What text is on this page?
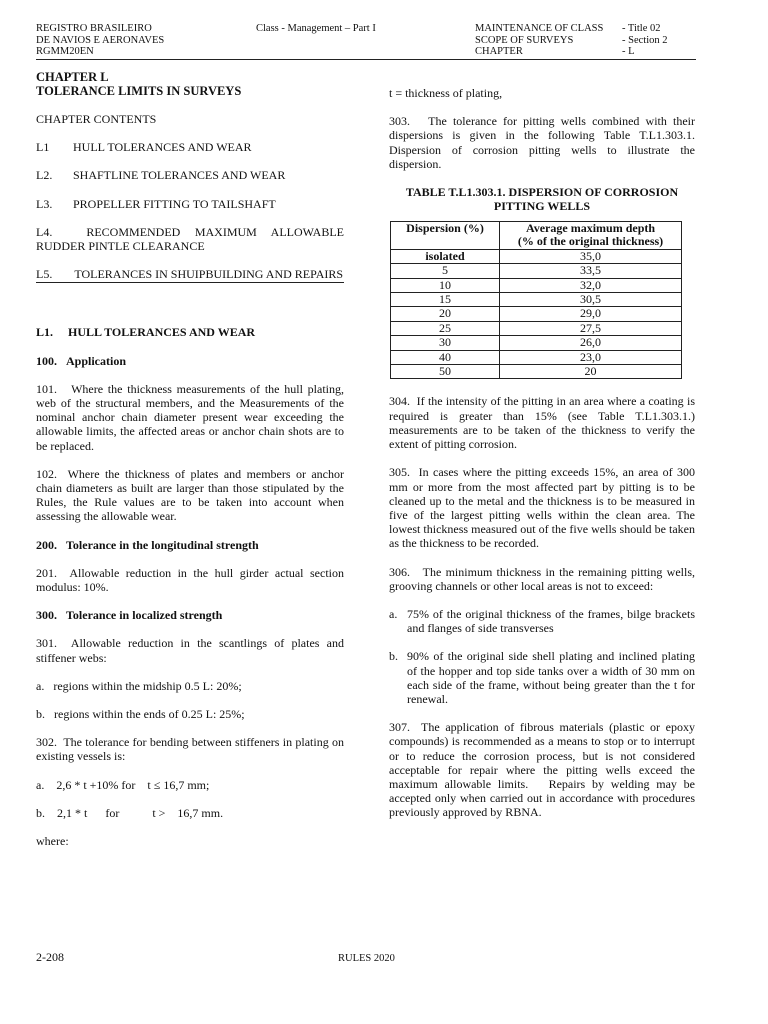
REGISTRO BRASILEIRO
DE NAVIOS E AERONAVES
RGMM20EN
Class - Management – Part I	MAINTENANCE OF CLASS
SCOPE OF SURVEYS
CHAPTER
- Title 02
- Section 2
- L
CHAPTER L
TOLERANCE LIMITS IN SURVEYS

CHAPTER CONTENTS

L1 HULL TOLERANCES AND WEAR

L2. SHAFTLINE TOLERANCES AND WEAR

L3. PROPELLER FITTING TO TAILSHAFT

L4.	RECOMMENDED MAXIMUM ALLOWABLE RUDDER PINTLE CLEARANCE

L5. TOLERANCES IN SHUIPBUILDING AND REPAIRS

L1.     HULL TOLERANCES AND WEAR

100.   Application

101.   Where the thickness measurements of the hull plating, web of the structural members, and the Measurements of the nominal anchor chain diameter present wear exceeding the allowable limits, the affected areas or anchor chain shots are to be replaced.

102.  Where the thickness of plates and members or anchor chain diameters as built are larger than those stipulated by the Rules, the Rule values are to be taken into account when assessing the allowable wear.

200.   Tolerance in the longitudinal strength

201.  Allowable reduction in the hull girder actual section modulus: 10%.

300.   Tolerance in localized strength

301.  Allowable reduction in the scantlings of plates and stiffener webs:

a.   regions within the midship 0.5 L: 20%;

b.   regions within the ends of 0.25 L: 25%;

302.  The tolerance for bending between stiffeners in plating on existing vessels is:

a.    2,6 * t +10% for    t ≤ 16,7 mm;

b.    2,1 * t      for           t >    16,7 mm.

where:

t = thickness of plating,

303.   The tolerance for pitting wells combined with their dispersions is given in the following Table T.L1.303.1. Dispersion of corrosion pitting wells to illustrate the dispersion.

TABLE T.L1.303.1. DISPERSION OF CORROSION
PITTING WELLS
Dispersion (%)	Average maximum depth
(% of the original thickness)

isolated	35,0
5	33,5
10	32,0
15	30,5
20	29,0
25	27,5
30	26,0
40	23,0
50	20

304.  If the intensity of the pitting in an area where a coating is required is greater than 15% (see Table T.L1.303.1.) measurements are to be taken of the thickness to verify the extent of pitting corrosion.

305.  In cases where the pitting exceeds 15%, an area of 300 mm or more from the most affected part by pitting is to be cleaned up to the metal and the thickness is to be measured in five of the largest pitting wells within the clean area. The lowest thickness measured out of the five wells should be taken as the thickness to be recorded.

306.   The minimum thickness in the remaining pitting wells, grooving channels or other local areas is not to exceed:

a. 75% of the original thickness of the frames, bilge brackets and flanges of side transverses

b. 90% of the original side shell plating and inclined plating of the hopper and top side tanks over a width of 30 mm on each side of the frame, without being greater than the t for renewal.

307.  The application of fibrous materials (plastic or epoxy compounds) is recommended as a means to stop or to interrupt or to reduce the corrosion process, but is not considered acceptable for repair where the pitting wells exceed the maximum allowable limits.   Repairs by welding may be accepted only when carried out in accordance with procedures previously approved by RBNA.

2-208	RULES 2020
